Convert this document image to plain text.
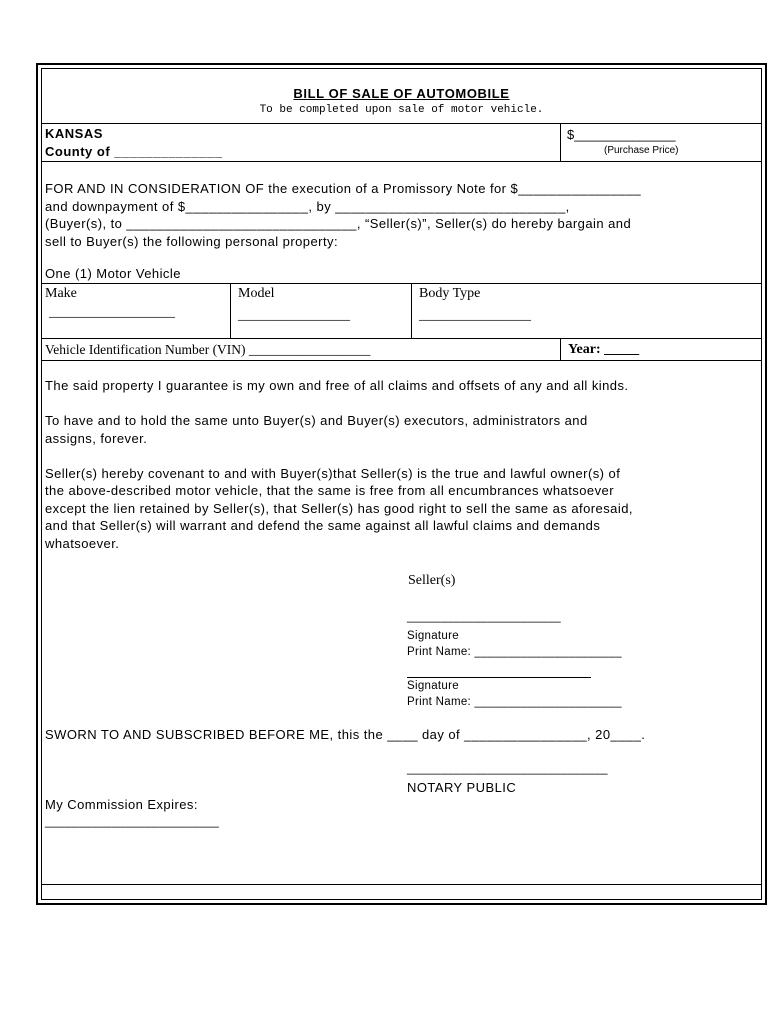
BILL OF SALE OF AUTOMOBILE
To be completed upon sale of motor vehicle.
KANSAS
County of ______________
$______________
(Purchase Price)
FOR AND IN CONSIDERATION OF the execution of a Promissory Note for $________________
and downpayment of $________________, by ______________________________,
(Buyer(s), to ______________________________, “Seller(s)”, Seller(s) do hereby bargain and
sell to Buyer(s) the following personal property:
One (1) Motor Vehicle
Make	Model	Body Type
__________________	________________	________________
Vehicle Identification Number (VIN) __________________	Year: _____
The said property I guarantee is my own and free of all claims and offsets of any and all kinds.
To have and to hold the same unto Buyer(s) and Buyer(s) executors, administrators and
assigns, forever.
Seller(s) hereby covenant to and with Buyer(s)that Seller(s) is the true and lawful owner(s) of
the above-described motor vehicle, that the same is free from all encumbrances whatsoever
except the lien retained by Seller(s), that Seller(s) has good right to sell the same as aforesaid,
and that Seller(s) will warrant and defend the same against all lawful claims and demands
whatsoever.
Seller(s)
_______________________
Signature
Print Name: ______________________
Signature
Print Name: ______________________
SWORN TO AND SUBSCRIBED BEFORE ME, this the ____ day of ________________, 20____.
______________________________
NOTARY PUBLIC
My Commission Expires:
__________________________
